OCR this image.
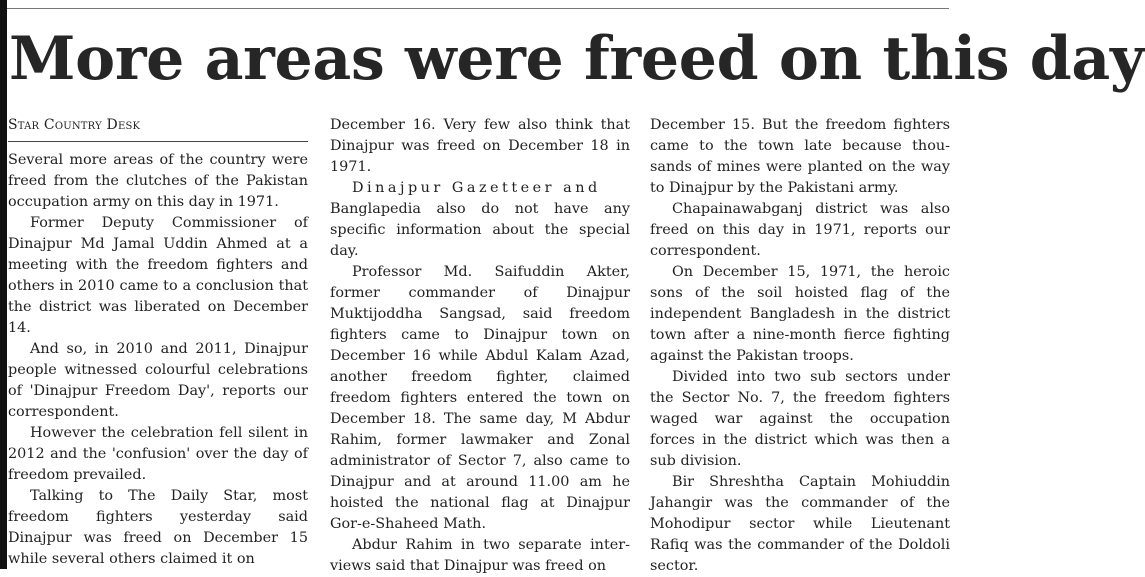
More areas were freed on this day
Star Country Desk

Several more areas of the country were freed from the clutches of the Pakistan occupation army on this day in 1971.

Former Deputy Commissioner of Dinajpur Md Jamal Uddin Ahmed at a meeting with the freedom fighters and others in 2010 came to a conclusion that the district was liberated on December 14.

And so, in 2010 and 2011, Dinajpur people witnessed colourful celebrations of 'Dinajpur Freedom Day', reports our correspondent.

However the celebration fell silent in 2012 and the 'confusion' over the day of freedom prevailed.

Talking to The Daily Star, most freedom fighters yesterday said Dinajpur was freed on December 15 while several others claimed it on

December 16. Very few also think that Dinajpur was freed on December 18 in 1971.

Dinajpur Gazetteer and

Banglapedia also do not have any specific information about the special day.

Professor Md. Saifuddin Akter, former commander of Dinajpur Muktijoddha Sangsad, said freedom fighters came to Dinajpur town on December 16 while Abdul Kalam Azad, another freedom fighter, claimed freedom fighters entered the town on December 18. The same day, M Abdur Rahim, former lawmaker and Zonal administrator of Sector 7, also came to Dinajpur and at around 11.00 am he hoisted the national flag at Dinajpur Gor-e-Shaheed Math.

Abdur Rahim in two separate interviews said that Dinajpur was freed on

December 15. But the freedom fighters came to the town late because thousands of mines were planted on the way to Dinajpur by the Pakistani army.

Chapainawabganj district was also freed on this day in 1971, reports our correspondent.

On December 15, 1971, the heroic sons of the soil hoisted flag of the independent Bangladesh in the district town after a nine-month fierce fighting against the Pakistan troops.

Divided into two sub sectors under the Sector No. 7, the freedom fighters waged war against the occupation forces in the district which was then a sub division.

Bir Shreshtha Captain Mohiuddin Jahangir was the commander of the Mohodipur sector while Lieutenant Rafiq was the commander of the Doldoli sector.
